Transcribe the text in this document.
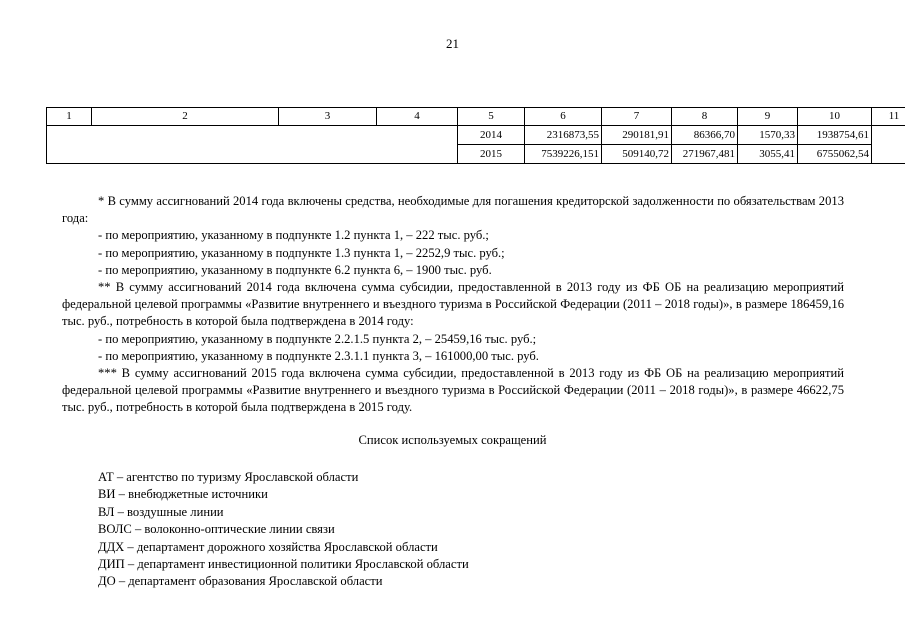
21
1	2	3	4	5	6	7	8	9	10	11
				2014	2316873,55	290181,91	86366,70	1570,33	1938754,61	
				2015	7539226,151	509140,72	271967,481	3055,41	6755062,54	

* В сумму ассигнований 2014 года включены средства, необходимые для погашения кредиторской задолженности по обязательствам 2013 года:

- по мероприятию, указанному в подпункте 1.2 пункта 1, – 222 тыс. руб.;

- по мероприятию, указанному в подпункте 1.3 пункта 1, – 2252,9 тыс. руб.;

- по мероприятию, указанному в подпункте 6.2 пункта 6, – 1900 тыс. руб.

** В сумму ассигнований 2014 года включена сумма субсидии, предоставленной в 2013 году из ФБ ОБ на реализацию мероприятий федеральной целевой программы «Развитие внутреннего и въездного туризма в Российской Федерации (2011 – 2018 годы)», в размере 186459,16 тыс. руб., потребность в которой была подтверждена в 2014 году:

- по мероприятию, указанному в подпункте 2.2.1.5 пункта 2, – 25459,16 тыс. руб.;

- по мероприятию, указанному в подпункте 2.3.1.1 пункта 3, – 161000,00 тыс. руб.

*** В сумму ассигнований 2015 года включена сумма субсидии, предоставленной в 2013 году из ФБ ОБ на реализацию мероприятий федеральной целевой программы «Развитие внутреннего и въездного туризма в Российской Федерации (2011 – 2018 годы)», в размере 46622,75 тыс. руб., потребность в которой была подтверждена в 2015 году.

Список используемых сокращений
АТ – агентство по туризму Ярославской области
ВИ – внебюджетные источники
ВЛ – воздушные линии
ВОЛС – волоконно-оптические линии связи
ДДХ – департамент дорожного хозяйства Ярославской области
ДИП – департамент инвестиционной политики Ярославской области
ДО – департамент образования Ярославской области
